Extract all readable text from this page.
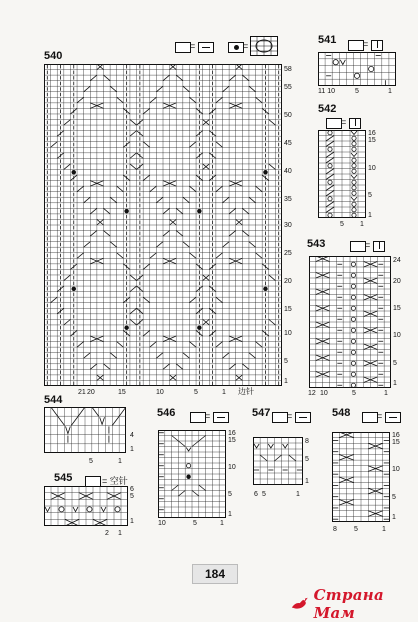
=	=
540
58
55
50
45
40
35
30
25
20
15
10
5
1
21 20	15	10	5	1 边针
541	=
11 10	5	1
542
=
16
15
10
5
1
5 1
543	=
24
20
15
10
5
1
12 10	5	1
544
4
1
5	1
545	= 空针
6
5
1
2 1
546	=
16
15
10
5
1
10	5	1
547 =
8
5
1
6 5	1
548	=
16
15
10
5
1
8 5	1
184
Страна Мам
